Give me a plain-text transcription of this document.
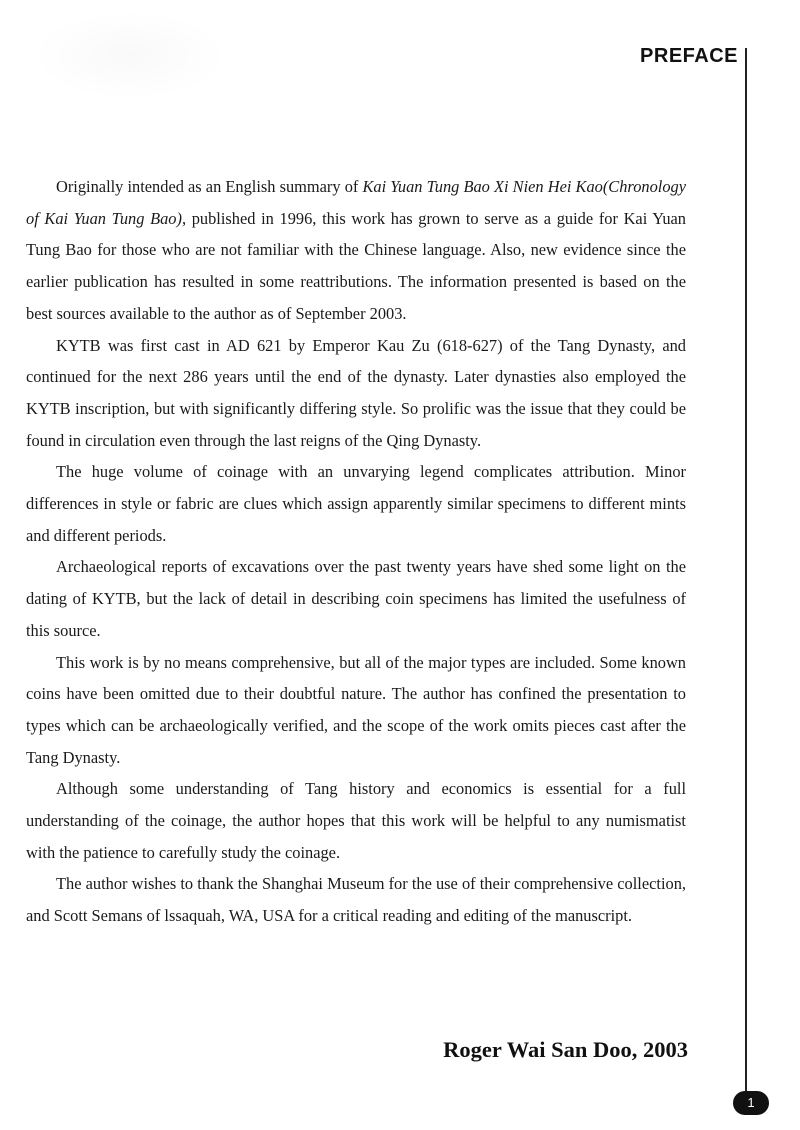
PREFACE

Originally intended as an English summary of Kai Yuan Tung Bao Xi Nien Hei Kao(Chronology of Kai Yuan Tung Bao), published in 1996, this work has grown to serve as a guide for Kai Yuan Tung Bao for those who are not familiar with the Chinese language. Also, new evidence since the earlier publication has resulted in some reattributions. The information presented is based on the best sources available to the author as of September 2003.

KYTB was first cast in AD 621 by Emperor Kau Zu (618-627) of the Tang Dynasty, and continued for the next 286 years until the end of the dynasty. Later dynasties also employed the KYTB inscription, but with significantly differing style. So prolific was the issue that they could be found in circulation even through the last reigns of the Qing Dynasty.

The huge volume of coinage with an unvarying legend complicates attribution. Minor differences in style or fabric are clues which assign apparently similar specimens to different mints and different periods.

Archaeological reports of excavations over the past twenty years have shed some light on the dating of KYTB, but the lack of detail in describing coin specimens has limited the usefulness of this source.

This work is by no means comprehensive, but all of the major types are included. Some known coins have been omitted due to their doubtful nature. The author has confined the presentation to types which can be archaeologically verified, and the scope of the work omits pieces cast after the Tang Dynasty.

Although some understanding of Tang history and economics is essential for a full understanding of the coinage, the author hopes that this work will be helpful to any numismatist with the patience to carefully study the coinage.

The author wishes to thank the Shanghai Museum for the use of their comprehensive collection, and Scott Semans of lssaquah, WA, USA for a critical reading and editing of the manuscript.

Roger Wai San Doo, 2003
1
